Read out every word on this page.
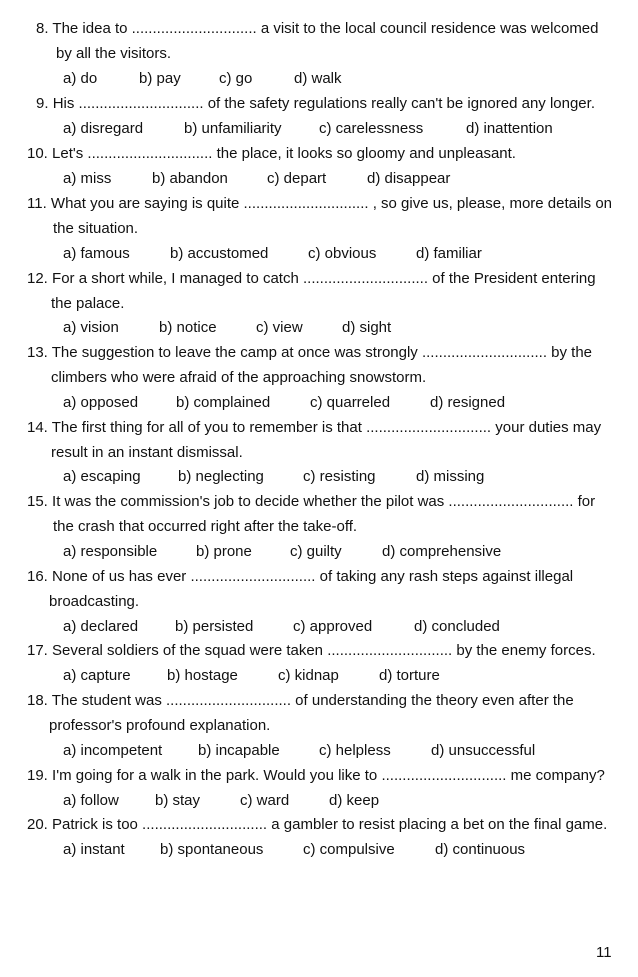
8. The idea to .............................. a visit to the local council residence was welcomed
by all the visitors.
a) do	b) pay	c) go	d) walk
9. His .............................. of the safety regulations really can't be ignored any longer.
a) disregard	b) unfamiliarity c) carelessness	d) inattention
10. Let's .............................. the place, it looks so gloomy and unpleasant.
a) miss	b) abandon	c) depart	d) disappear
11. What you are saying is quite .............................. , so give us, please, more details on
the situation.
a) famous	b) accustomed	c) obvious	d) familiar
12. For a short while, I managed to catch .............................. of the President entering
the palace.
a) vision	b) notice	c) view	d) sight
13. The suggestion to leave the camp at once was strongly .............................. by the
climbers who were afraid of the approaching snowstorm.
a) opposed	b) complained	c) quarreled	d) resigned
14. The first thing for all of you to remember is that .............................. your duties may
result in an instant dismissal.
a) escaping b) neglecting	c) resisting	d) missing
15. It was the commission's job to decide whether the pilot was .............................. for
the crash that occurred right after the take-off.
a) responsible	b) prone	c) guilty	d) comprehensive
16. None of us has ever .............................. of taking any rash steps against illegal
broadcasting.
a) declared b) persisted	c) approved	d) concluded
17. Several soldiers of the squad were taken .............................. by the enemy forces.
a) capture b) hostage	c) kidnap	d) torture
18. The student was .............................. of understanding the theory even after the
professor's profound explanation.
a) incompetent b) incapable	c) helpless	d) unsuccessful
19. I'm going for a walk in the park. Would you like to .............................. me company?
a) follow b) stay	c) ward	d) keep
20. Patrick is too .............................. a gambler to resist placing a bet on the final game.
a) instant b) spontaneous	c) compulsive	d) continuous
11
